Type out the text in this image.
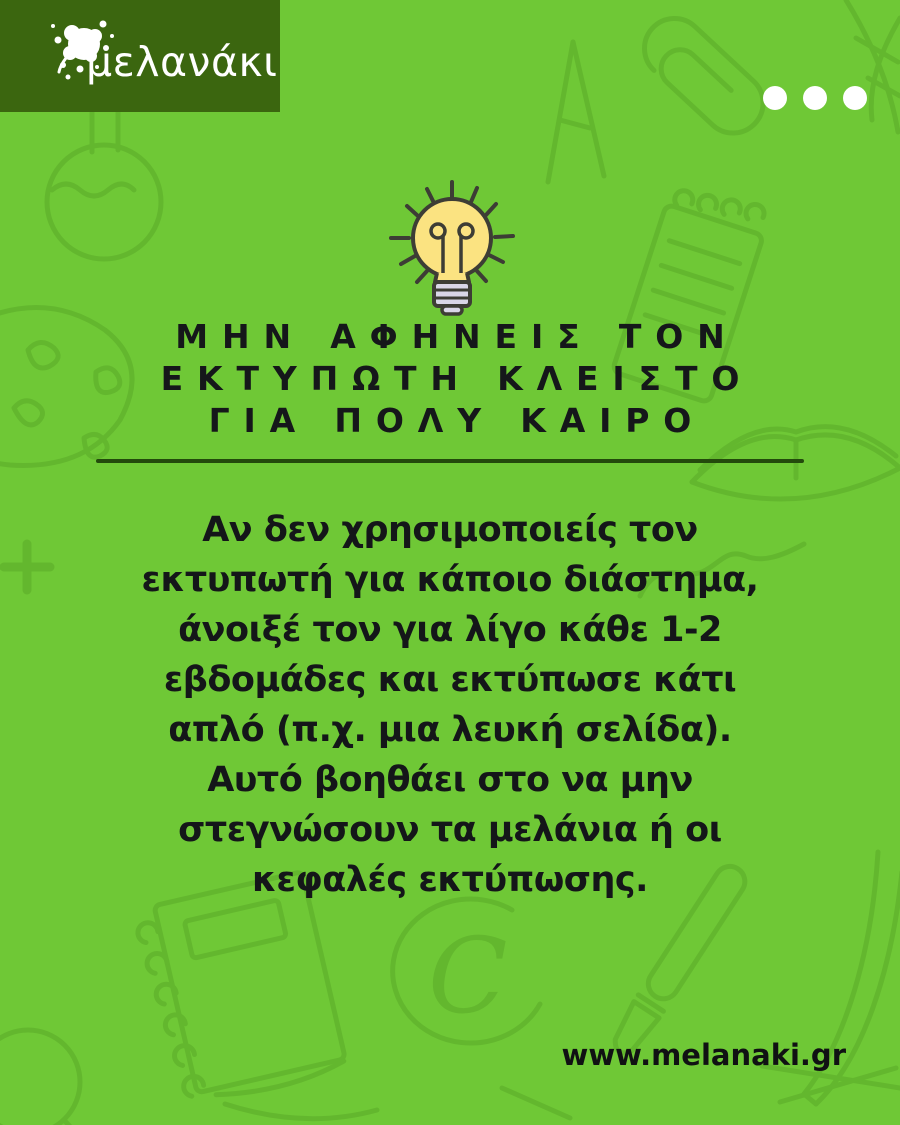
C
μελανάκι
ΜΗΝ ΑΦΗΝΕΙΣ ΤΟΝ
ΕΚΤΥΠΩΤΗ ΚΛΕΙΣΤΟ
ΓΙΑ ΠΟΛΥ ΚΑΙΡΟ
Αν δεν χρησιμοποιείς τον
εκτυπωτή για κάποιο διάστημα,
άνοιξέ τον για λίγο κάθε 1-2
εβδομάδες και εκτύπωσε κάτι
απλό (π.χ. μια λευκή σελίδα).
Αυτό βοηθάει στο να μην
στεγνώσουν τα μελάνια ή οι
κεφαλές εκτύπωσης.
www.melanaki.gr
